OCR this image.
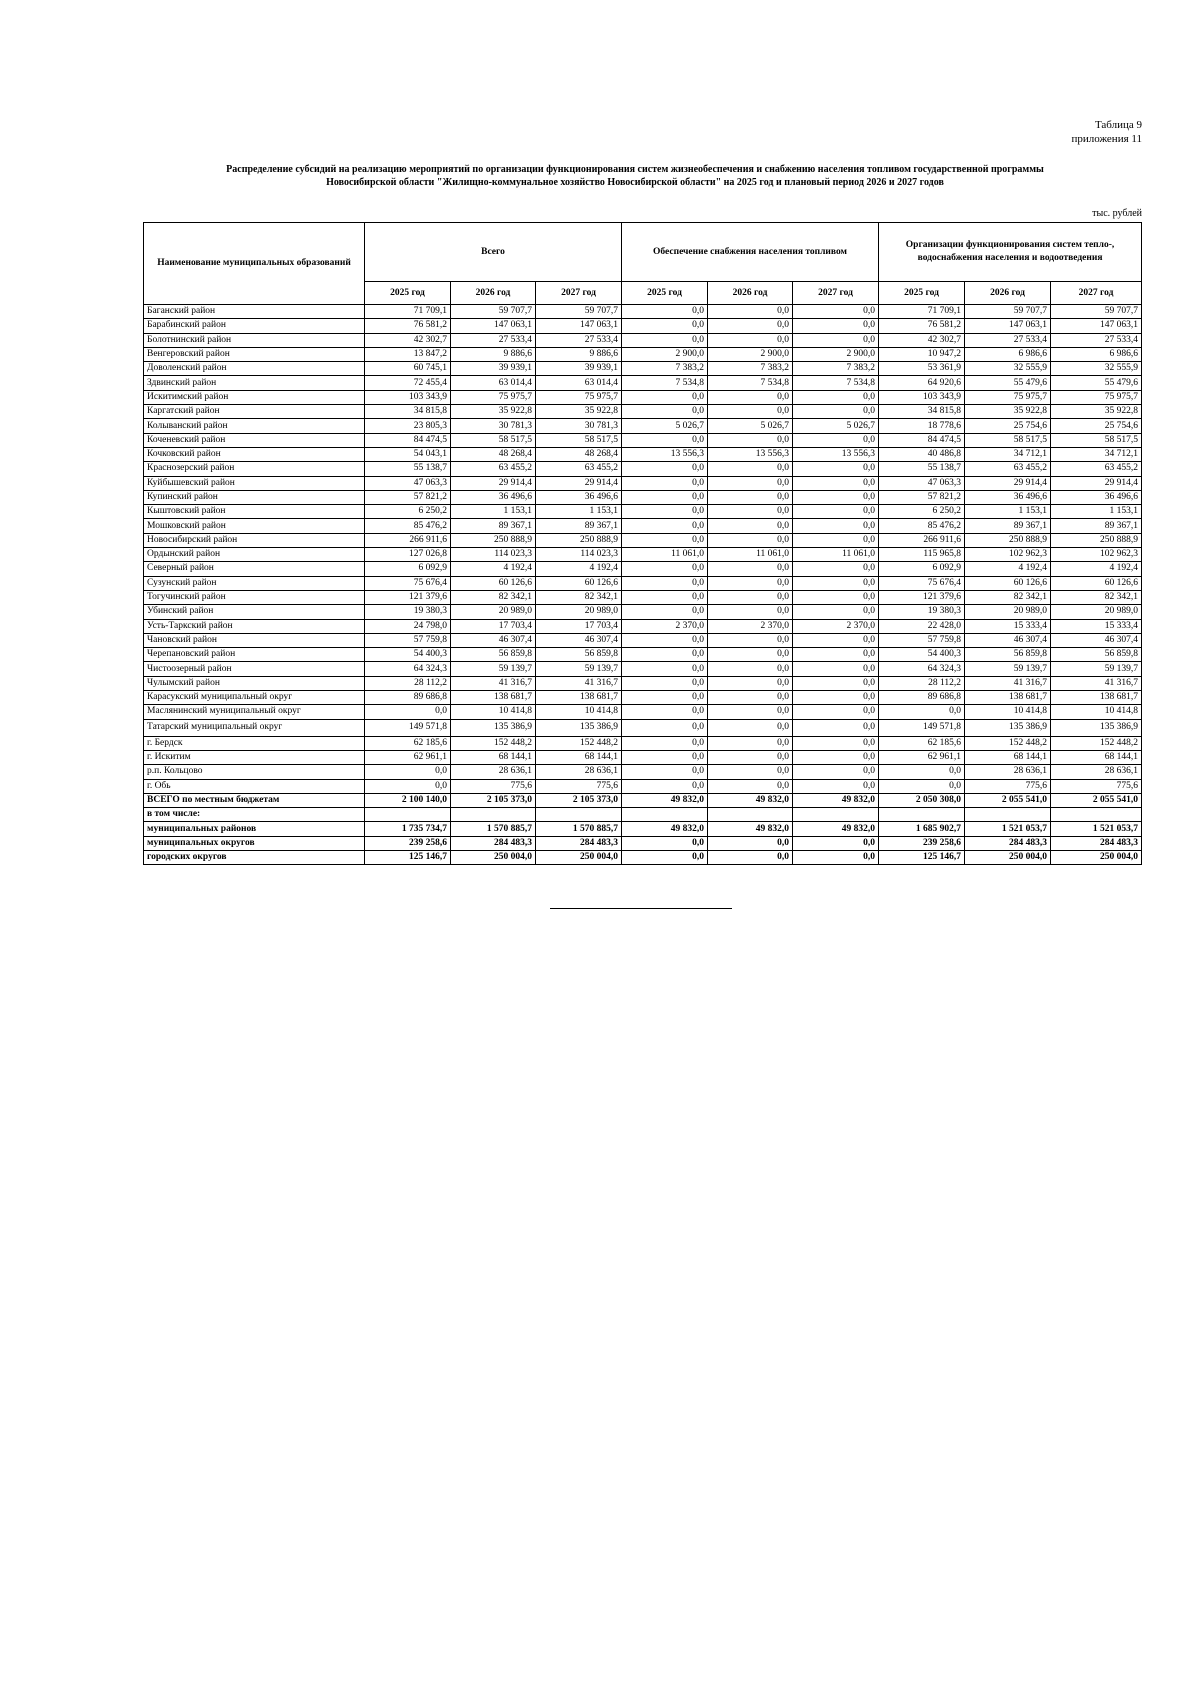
Таблица 9
приложения 11
Распределение субсидий на реализацию мероприятий по организации функционирования систем жизнеобеспечения и снабжению населения топливом государственной программы
Новосибирской области "Жилищно-коммунальное хозяйство Новосибирской области" на 2025 год и плановый период 2026 и 2027 годов
тыс. рублей
Наименование муниципальных образований	Всего			Обеспечение снабжения населения топливом			Организации функционирования систем тепло-, водоснабжения населения и водоотведения		
	2025 год	2026 год	2027 год	2025 год	2026 год	2027 год	2025 год	2026 год	2027 год
Баганский район	71 709,1	59 707,7	59 707,7	0,0	0,0	0,0	71 709,1	59 707,7	59 707,7
Барабинский район	76 581,2	147 063,1	147 063,1	0,0	0,0	0,0	76 581,2	147 063,1	147 063,1
Болотнинский район	42 302,7	27 533,4	27 533,4	0,0	0,0	0,0	42 302,7	27 533,4	27 533,4
Венгеровский район	13 847,2	9 886,6	9 886,6	2 900,0	2 900,0	2 900,0	10 947,2	6 986,6	6 986,6
Доволенский район	60 745,1	39 939,1	39 939,1	7 383,2	7 383,2	7 383,2	53 361,9	32 555,9	32 555,9
Здвинский район	72 455,4	63 014,4	63 014,4	7 534,8	7 534,8	7 534,8	64 920,6	55 479,6	55 479,6
Искитимский район	103 343,9	75 975,7	75 975,7	0,0	0,0	0,0	103 343,9	75 975,7	75 975,7
Каргатский район	34 815,8	35 922,8	35 922,8	0,0	0,0	0,0	34 815,8	35 922,8	35 922,8
Колыванский район	23 805,3	30 781,3	30 781,3	5 026,7	5 026,7	5 026,7	18 778,6	25 754,6	25 754,6
Коченевский район	84 474,5	58 517,5	58 517,5	0,0	0,0	0,0	84 474,5	58 517,5	58 517,5
Кочковский район	54 043,1	48 268,4	48 268,4	13 556,3	13 556,3	13 556,3	40 486,8	34 712,1	34 712,1
Краснозерский район	55 138,7	63 455,2	63 455,2	0,0	0,0	0,0	55 138,7	63 455,2	63 455,2
Куйбышевский район	47 063,3	29 914,4	29 914,4	0,0	0,0	0,0	47 063,3	29 914,4	29 914,4
Купинский район	57 821,2	36 496,6	36 496,6	0,0	0,0	0,0	57 821,2	36 496,6	36 496,6
Кыштовский район	6 250,2	1 153,1	1 153,1	0,0	0,0	0,0	6 250,2	1 153,1	1 153,1
Мошковский район	85 476,2	89 367,1	89 367,1	0,0	0,0	0,0	85 476,2	89 367,1	89 367,1
Новосибирский район	266 911,6	250 888,9	250 888,9	0,0	0,0	0,0	266 911,6	250 888,9	250 888,9
Ордынский район	127 026,8	114 023,3	114 023,3	11 061,0	11 061,0	11 061,0	115 965,8	102 962,3	102 962,3
Северный район	6 092,9	4 192,4	4 192,4	0,0	0,0	0,0	6 092,9	4 192,4	4 192,4
Сузунский район	75 676,4	60 126,6	60 126,6	0,0	0,0	0,0	75 676,4	60 126,6	60 126,6
Тогучинский район	121 379,6	82 342,1	82 342,1	0,0	0,0	0,0	121 379,6	82 342,1	82 342,1
Убинский район	19 380,3	20 989,0	20 989,0	0,0	0,0	0,0	19 380,3	20 989,0	20 989,0
Усть-Таркский район	24 798,0	17 703,4	17 703,4	2 370,0	2 370,0	2 370,0	22 428,0	15 333,4	15 333,4
Чановский район	57 759,8	46 307,4	46 307,4	0,0	0,0	0,0	57 759,8	46 307,4	46 307,4
Черепановский район	54 400,3	56 859,8	56 859,8	0,0	0,0	0,0	54 400,3	56 859,8	56 859,8
Чистоозерный район	64 324,3	59 139,7	59 139,7	0,0	0,0	0,0	64 324,3	59 139,7	59 139,7
Чулымский район	28 112,2	41 316,7	41 316,7	0,0	0,0	0,0	28 112,2	41 316,7	41 316,7
Карасукский муниципальный округ	89 686,8	138 681,7	138 681,7	0,0	0,0	0,0	89 686,8	138 681,7	138 681,7
Маслянинский муниципальный округ	0,0	10 414,8	10 414,8	0,0	0,0	0,0	0,0	10 414,8	10 414,8
Татарский муниципальный округ	149 571,8	135 386,9	135 386,9	0,0	0,0	0,0	149 571,8	135 386,9	135 386,9
г. Бердск	62 185,6	152 448,2	152 448,2	0,0	0,0	0,0	62 185,6	152 448,2	152 448,2
г. Искитим	62 961,1	68 144,1	68 144,1	0,0	0,0	0,0	62 961,1	68 144,1	68 144,1
р.п. Кольцово	0,0	28 636,1	28 636,1	0,0	0,0	0,0	0,0	28 636,1	28 636,1
г. Обь	0,0	775,6	775,6	0,0	0,0	0,0	0,0	775,6	775,6
ВСЕГО по местным бюджетам	2 100 140,0	2 105 373,0	2 105 373,0	49 832,0	49 832,0	49 832,0	2 050 308,0	2 055 541,0	2 055 541,0
в том числе:									
муниципальных районов	1 735 734,7	1 570 885,7	1 570 885,7	49 832,0	49 832,0	49 832,0	1 685 902,7	1 521 053,7	1 521 053,7
муниципальных округов	239 258,6	284 483,3	284 483,3	0,0	0,0	0,0	239 258,6	284 483,3	284 483,3
городских округов	125 146,7	250 004,0	250 004,0	0,0	0,0	0,0	125 146,7	250 004,0	250 004,0
